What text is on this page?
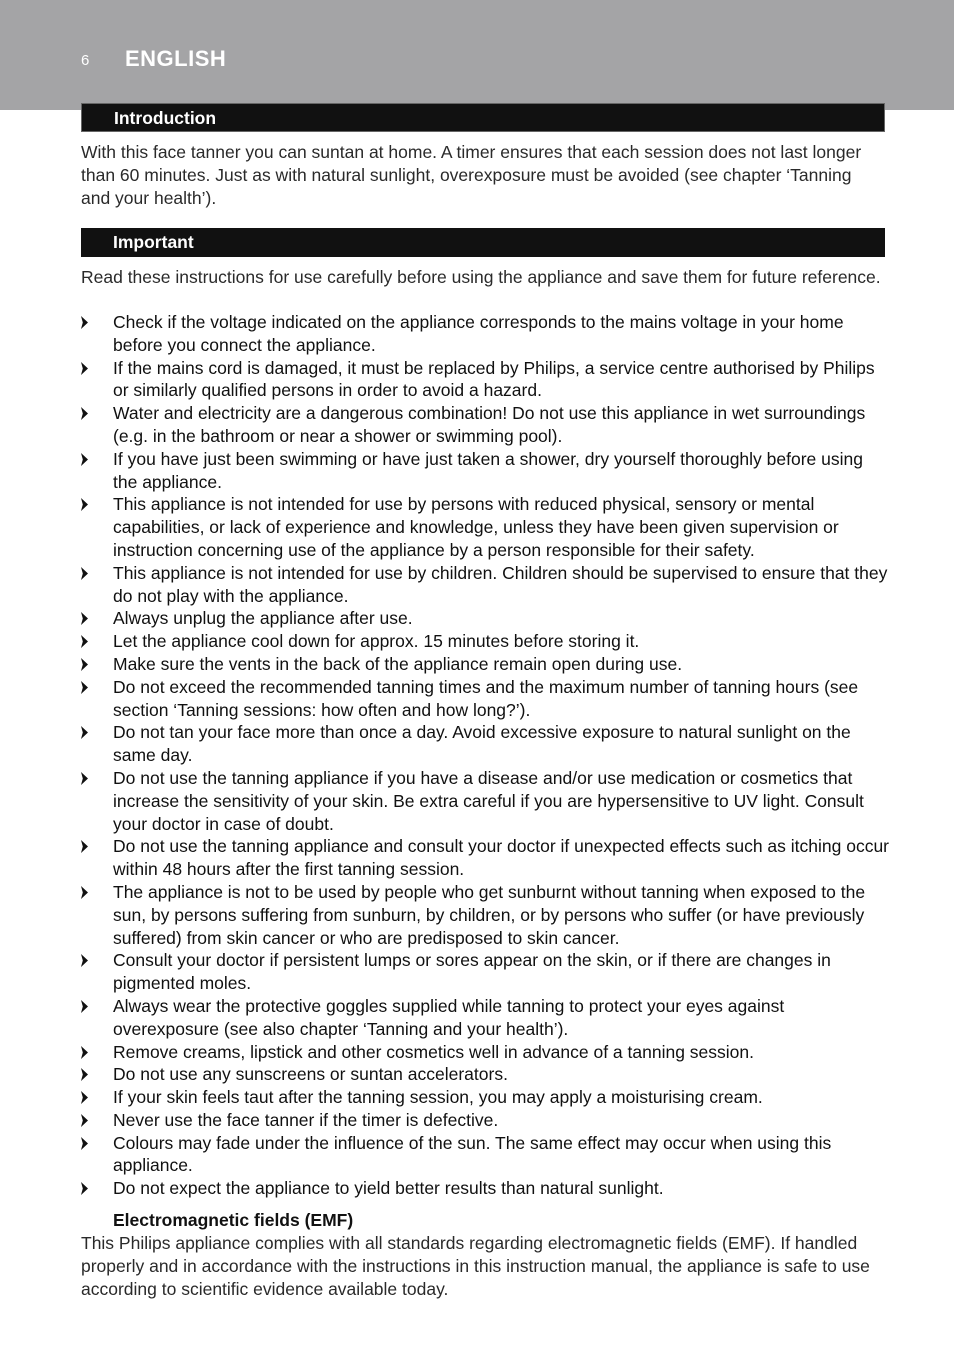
6 ENGLISH
Introduction
With this face tanner you can suntan at home. A timer ensures that each session does not last longer than 60 minutes. Just as with natural sunlight, overexposure must be avoided (see chapter ‘Tanning and your health’).
Important
Read these instructions for use carefully before using the appliance and save them for future reference.
Check if the voltage indicated on the appliance corresponds to the mains voltage in your home before you connect the appliance.
If the mains cord is damaged, it must be replaced by Philips, a service centre authorised by Philips or similarly qualified persons in order to avoid a hazard.
Water and electricity are a dangerous combination! Do not use this appliance in wet surroundings (e.g. in the bathroom or near a shower or swimming pool).
If you have just been swimming or have just taken a shower, dry yourself thoroughly before using the appliance.
This appliance is not intended for use by persons with reduced physical, sensory or mental capabilities, or lack of experience and knowledge, unless they have been given supervision or instruction concerning use of the appliance by a person responsible for their safety.
This appliance is not intended for use by children. Children should be supervised to ensure that they do not play with the appliance.
Always unplug the appliance after use.
Let the appliance cool down for approx. 15 minutes before storing it.
Make sure the vents in the back of the appliance remain open during use.
Do not exceed the recommended tanning times and the maximum number of tanning hours (see section ‘Tanning sessions: how often and how long?’).
Do not tan your face more than once a day. Avoid excessive exposure to natural sunlight on the same day.
Do not use the tanning appliance if you have a disease and/or use medication or cosmetics that increase the sensitivity of your skin. Be extra careful if you are hypersensitive to UV light. Consult your doctor in case of doubt.
Do not use the tanning appliance and consult your doctor if unexpected effects such as itching occur within 48 hours after the first tanning session.
The appliance is not to be used by people who get sunburnt without tanning when exposed to the sun, by persons suffering from sunburn, by children, or by persons who suffer (or have previously suffered) from skin cancer or who are predisposed to skin cancer.
Consult your doctor if persistent lumps or sores appear on the skin, or if there are changes in pigmented moles.
Always wear the protective goggles supplied while tanning to protect your eyes against overexposure (see also chapter ‘Tanning and your health’).
Remove creams, lipstick and other cosmetics well in advance of a tanning session.
Do not use any sunscreens or suntan accelerators.
If your skin feels taut after the tanning session, you may apply a moisturising cream.
Never use the face tanner if the timer is defective.
Colours may fade under the influence of the sun. The same effect may occur when using this appliance.
Do not expect the appliance to yield better results than natural sunlight.
Electromagnetic fields (EMF)
This Philips appliance complies with all standards regarding electromagnetic fields (EMF). If handled properly and in accordance with the instructions in this instruction manual, the appliance is safe to use according to scientific evidence available today.
